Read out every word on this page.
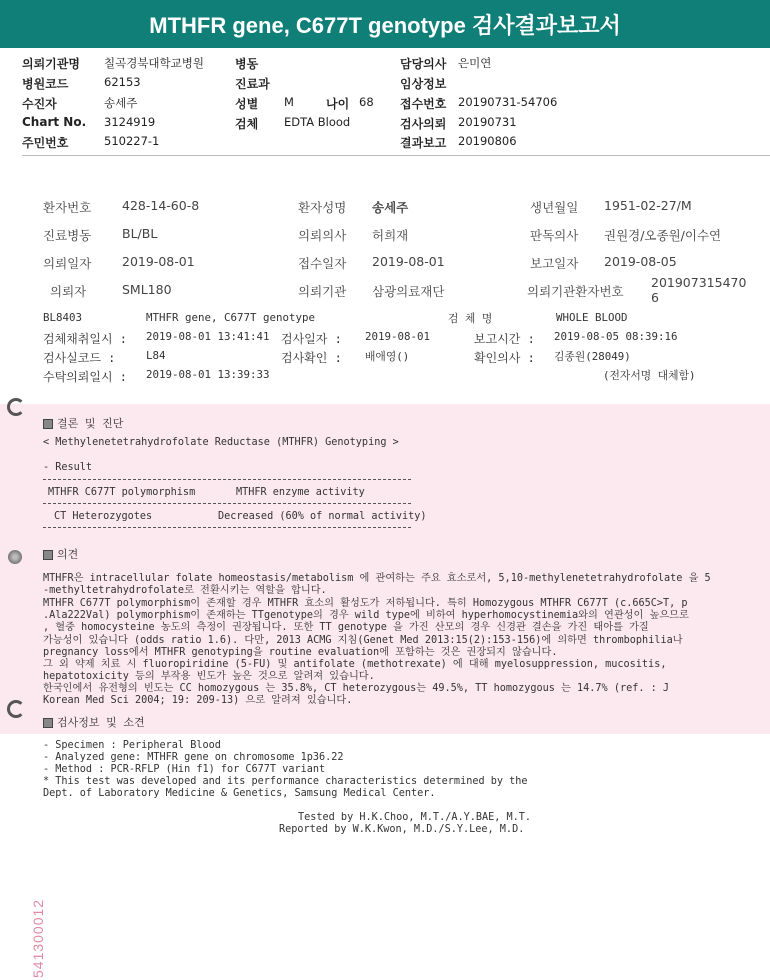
MTHFR gene, C677T genotype 검사결과보고서
의뢰기관명 칠곡경북대학교병원	병동	담당의사 은미연
병원코드	62153	진료과	임상정보
수진자	송세주	성별 M	나이 68 접수번호 20190731-54706
Chart No. 3124919	검체 EDTA Blood	검사의뢰 20190731
주민번호	510227-1	결과보고 20190806
환자번호 428-14-60-8	환자성명 송세주	생년월일 1951-02-27/M
진료병동 BL/BL	의뢰의사 허희재	판독의사 권원경/오종원/이수연
의뢰일자 2019-08-01	접수일자 2019-08-01	보고일자 2019-08-05
의뢰자	SML180	의뢰기관 삼광의료재단	의뢰기관환자번호
201907315470
6
BL8403	MTHFR gene, C677T genotype	검 체 명	WHOLE BLOOD
검체채취일시 : 2019-08-01 13:41:41 검사일자 : 2019-08-01	보고시간 : 2019-08-05 08:39:16
검사실코드 :	L84	검사확인 : 배애영()	확인의사 : 김종원(28049)
수탁의뢰일시 : 2019-08-01 13:39:33	(전자서명 대체함)
결론 및 진단
< Methylenetetrahydrofolate Reductase (MTHFR) Genotyping >
- Result
MTHFR C677T polymorphism	MTHFR enzyme activity
CT Heterozygotes	Decreased (60% of normal activity)
의견
MTHFR은 intracellular folate homeostasis/metabolism 에 관여하는 주요 효소로서, 5,10-methylenetetrahydrofolate 을 5
-methyltetrahydrofolate로 전환시키는 역할을 합니다.
MTHFR C677T polymorphism이 존재할 경우 MTHFR 효소의 활성도가 저하됩니다. 특히 Homozygous MTHFR C677T (c.665C>T, p
.Ala222Val) polymorphism이 존재하는 TTgenotype의 경우 wild type에 비하여 hyperhomocystinemia와의 연관성이 높으므로
, 혈중 homocysteine 농도의 측정이 권장됩니다. 또한 TT genotype 을 가진 산모의 경우 신경관 결손을 가진 태아를 가질
가능성이 있습니다 (odds ratio 1.6). 다만, 2013 ACMG 지침(Genet Med 2013:15(2):153-156)에 의하면 thrombophilia나
pregnancy loss에서 MTHFR genotyping을 routine evaluation에 포함하는 것은 권장되지 않습니다.
그 외 약제 치료 시 fluoropiridine (5-FU) 및 antifolate (methotrexate) 에 대해 myelosuppression, mucositis,
hepatotoxicity 등의 부작용 빈도가 높은 것으로 알려져 있습니다.
한국인에서 유전형의 빈도는 CC homozygous 는 35.8%, CT heterozygous는 49.5%, TT homozygous 는 14.7% (ref. : J
Korean Med Sci 2004; 19: 209-13) 으로 알려져 있습니다.
검사정보 및 소견
- Specimen : Peripheral Blood
- Analyzed gene: MTHFR gene on chromosome 1p36.22
- Method : PCR-RFLP (Hin f1) for C677T variant
* This test was developed and its performance characteristics determined by the
Dept. of Laboratory Medicine & Genetics, Samsung Medical Center.
Tested by H.K.Choo, M.T./A.Y.BAE, M.T.
Reported by W.K.Kwon, M.D./S.Y.Lee, M.D.
541300012
